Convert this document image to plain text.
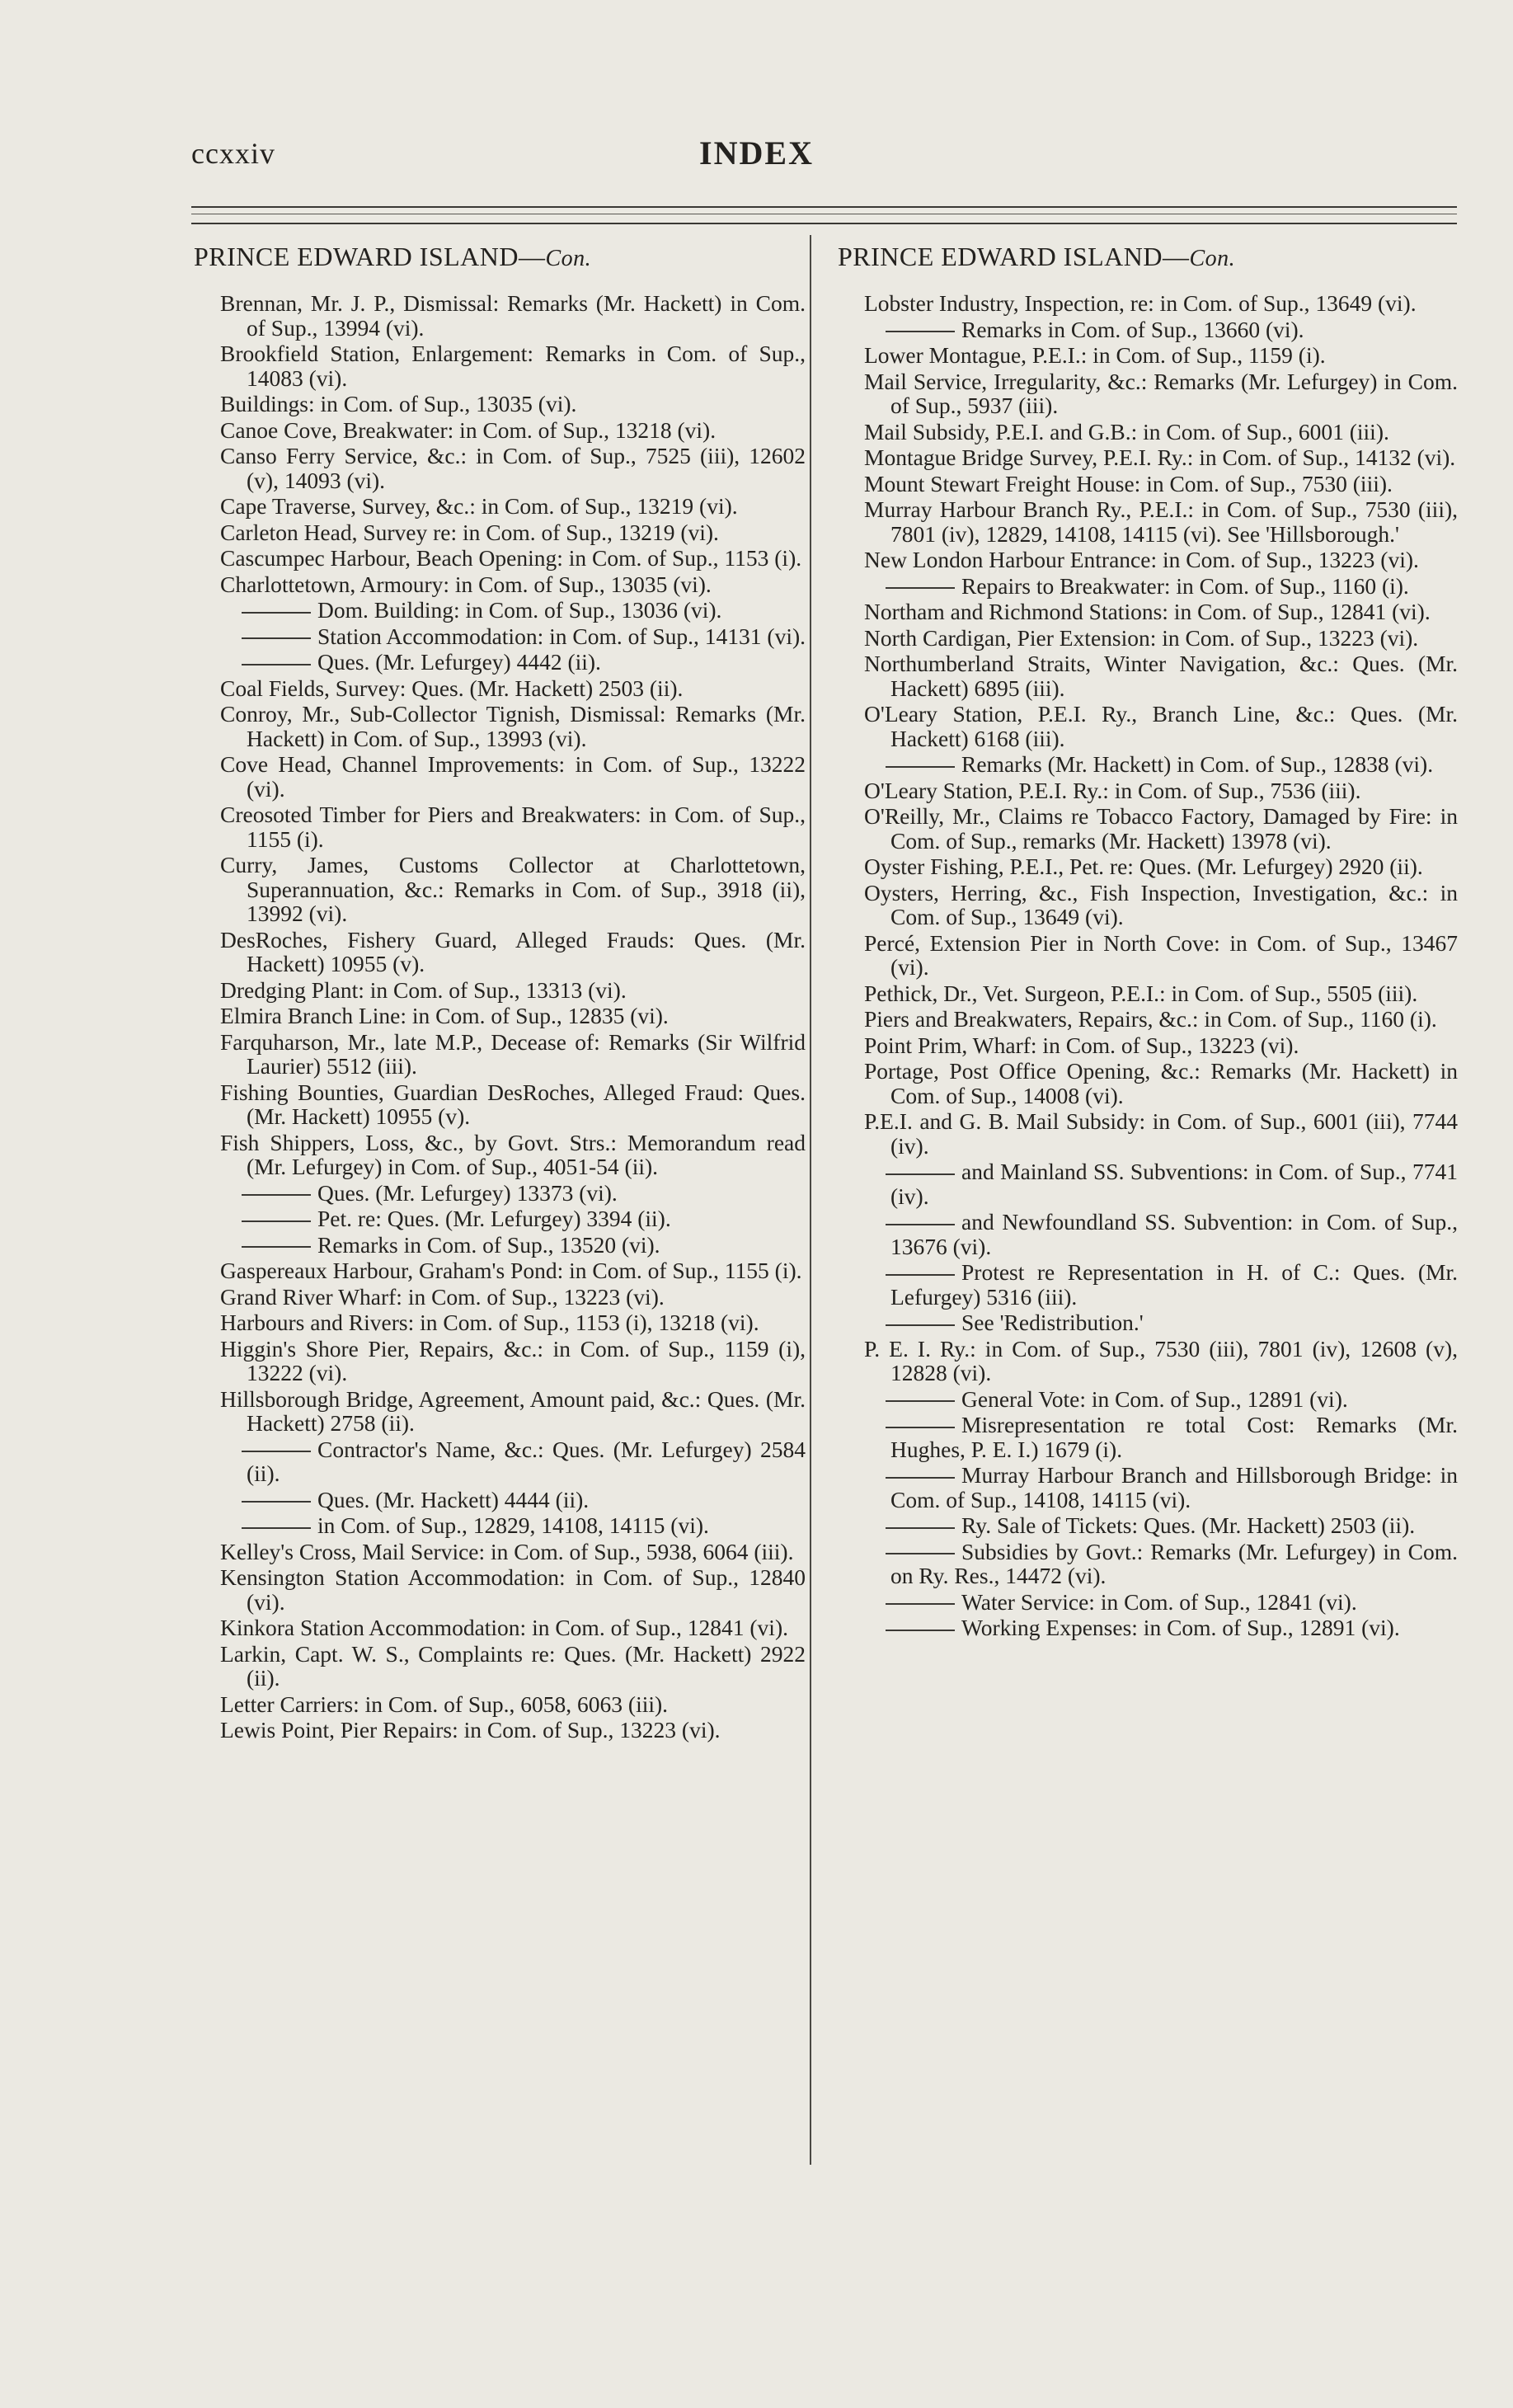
ccxxiv	INDEX
PRINCE EDWARD ISLAND—Con.
Brennan, Mr. J. P., Dismissal: Remarks (Mr. Hackett) in Com. of Sup., 13994 (vi).
Brookfield Station, Enlargement: Remarks in Com. of Sup., 14083 (vi).
Buildings: in Com. of Sup., 13035 (vi).
Canoe Cove, Breakwater: in Com. of Sup., 13218 (vi).
Canso Ferry Service, &c.: in Com. of Sup., 7525 (iii), 12602 (v), 14093 (vi).
Cape Traverse, Survey, &c.: in Com. of Sup., 13219 (vi).
Carleton Head, Survey re: in Com. of Sup., 13219 (vi).
Cascumpec Harbour, Beach Opening: in Com. of Sup., 1153 (i).
Charlottetown, Armoury: in Com. of Sup., 13035 (vi).
Dom. Building: in Com. of Sup., 13036 (vi).
Station Accommodation: in Com. of Sup., 14131 (vi).
Ques. (Mr. Lefurgey) 4442 (ii).
Coal Fields, Survey: Ques. (Mr. Hackett) 2503 (ii).
Conroy, Mr., Sub-Collector Tignish, Dismissal: Remarks (Mr. Hackett) in Com. of Sup., 13993 (vi).
Cove Head, Channel Improvements: in Com. of Sup., 13222 (vi).
Creosoted Timber for Piers and Breakwaters: in Com. of Sup., 1155 (i).
Curry, James, Customs Collector at Charlottetown, Superannuation, &c.: Remarks in Com. of Sup., 3918 (ii), 13992 (vi).
DesRoches, Fishery Guard, Alleged Frauds: Ques. (Mr. Hackett) 10955 (v).
Dredging Plant: in Com. of Sup., 13313 (vi).
Elmira Branch Line: in Com. of Sup., 12835 (vi).
Farquharson, Mr., late M.P., Decease of: Remarks (Sir Wilfrid Laurier) 5512 (iii).
Fishing Bounties, Guardian DesRoches, Alleged Fraud: Ques. (Mr. Hackett) 10955 (v).
Fish Shippers, Loss, &c., by Govt. Strs.: Memorandum read (Mr. Lefurgey) in Com. of Sup., 4051-54 (ii).
Ques. (Mr. Lefurgey) 13373 (vi).
Pet. re: Ques. (Mr. Lefurgey) 3394 (ii).
Remarks in Com. of Sup., 13520 (vi).
Gaspereaux Harbour, Graham's Pond: in Com. of Sup., 1155 (i).
Grand River Wharf: in Com. of Sup., 13223 (vi).
Harbours and Rivers: in Com. of Sup., 1153 (i), 13218 (vi).
Higgin's Shore Pier, Repairs, &c.: in Com. of Sup., 1159 (i), 13222 (vi).
Hillsborough Bridge, Agreement, Amount paid, &c.: Ques. (Mr. Hackett) 2758 (ii).
Contractor's Name, &c.: Ques. (Mr. Lefurgey) 2584 (ii).
Ques. (Mr. Hackett) 4444 (ii).
in Com. of Sup., 12829, 14108, 14115 (vi).
Kelley's Cross, Mail Service: in Com. of Sup., 5938, 6064 (iii).
Kensington Station Accommodation: in Com. of Sup., 12840 (vi).
Kinkora Station Accommodation: in Com. of Sup., 12841 (vi).
Larkin, Capt. W. S., Complaints re: Ques. (Mr. Hackett) 2922 (ii).
Letter Carriers: in Com. of Sup., 6058, 6063 (iii).
Lewis Point, Pier Repairs: in Com. of Sup., 13223 (vi).
PRINCE EDWARD ISLAND—Con.
Lobster Industry, Inspection, re: in Com. of Sup., 13649 (vi).
Remarks in Com. of Sup., 13660 (vi).
Lower Montague, P.E.I.: in Com. of Sup., 1159 (i).
Mail Service, Irregularity, &c.: Remarks (Mr. Lefurgey) in Com. of Sup., 5937 (iii).
Mail Subsidy, P.E.I. and G.B.: in Com. of Sup., 6001 (iii).
Montague Bridge Survey, P.E.I. Ry.: in Com. of Sup., 14132 (vi).
Mount Stewart Freight House: in Com. of Sup., 7530 (iii).
Murray Harbour Branch Ry., P.E.I.: in Com. of Sup., 7530 (iii), 7801 (iv), 12829, 14108, 14115 (vi). See 'Hillsborough.'
New London Harbour Entrance: in Com. of Sup., 13223 (vi).
Repairs to Breakwater: in Com. of Sup., 1160 (i).
Northam and Richmond Stations: in Com. of Sup., 12841 (vi).
North Cardigan, Pier Extension: in Com. of Sup., 13223 (vi).
Northumberland Straits, Winter Navigation, &c.: Ques. (Mr. Hackett) 6895 (iii).
O'Leary Station, P.E.I. Ry., Branch Line, &c.: Ques. (Mr. Hackett) 6168 (iii).
Remarks (Mr. Hackett) in Com. of Sup., 12838 (vi).
O'Leary Station, P.E.I. Ry.: in Com. of Sup., 7536 (iii).
O'Reilly, Mr., Claims re Tobacco Factory, Damaged by Fire: in Com. of Sup., remarks (Mr. Hackett) 13978 (vi).
Oyster Fishing, P.E.I., Pet. re: Ques. (Mr. Lefurgey) 2920 (ii).
Oysters, Herring, &c., Fish Inspection, Investigation, &c.: in Com. of Sup., 13649 (vi).
Percé, Extension Pier in North Cove: in Com. of Sup., 13467 (vi).
Pethick, Dr., Vet. Surgeon, P.E.I.: in Com. of Sup., 5505 (iii).
Piers and Breakwaters, Repairs, &c.: in Com. of Sup., 1160 (i).
Point Prim, Wharf: in Com. of Sup., 13223 (vi).
Portage, Post Office Opening, &c.: Remarks (Mr. Hackett) in Com. of Sup., 14008 (vi).
P.E.I. and G. B. Mail Subsidy: in Com. of Sup., 6001 (iii), 7744 (iv).
and Mainland SS. Subventions: in Com. of Sup., 7741 (iv).
and Newfoundland SS. Subvention: in Com. of Sup., 13676 (vi).
Protest re Representation in H. of C.: Ques. (Mr. Lefurgey) 5316 (iii).
See 'Redistribution.'
P. E. I. Ry.: in Com. of Sup., 7530 (iii), 7801 (iv), 12608 (v), 12828 (vi).
General Vote: in Com. of Sup., 12891 (vi).
Misrepresentation re total Cost: Remarks (Mr. Hughes, P. E. I.) 1679 (i).
Murray Harbour Branch and Hillsborough Bridge: in Com. of Sup., 14108, 14115 (vi).
Ry. Sale of Tickets: Ques. (Mr. Hackett) 2503 (ii).
Subsidies by Govt.: Remarks (Mr. Lefurgey) in Com. on Ry. Res., 14472 (vi).
Water Service: in Com. of Sup., 12841 (vi).
Working Expenses: in Com. of Sup., 12891 (vi).
